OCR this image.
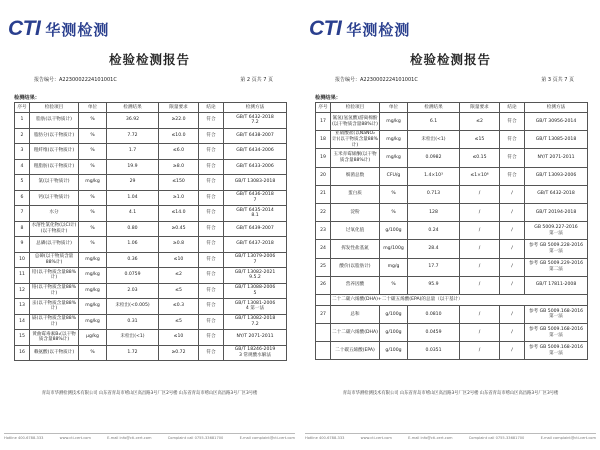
CTI 华测检测
检验检测报告
报告编号：A2230002224101001C	第 2 页共 7 页
检测结果：
序号	检验项目	单位	检测结果	限量要求	结论	检测方法
1	脂肪(以干物质计)	%	36.92	≥22.0	符合	GB/T 6432-2018
7.2
2	脂肪分(以干物质计)	%	7.72	≤10.0	符合	GB/T 6438-2007
3	粗纤维(以干物质计)	%	1.7	≤6.0	符合	GB/T 6434-2006
4	粗脂肪(以干物质计)	%	19.9	≥8.0	符合	GB/T 6433-2006
5	氯(以干物质计)	mg/kg	29	≤150	符合	GB/T 13083-2018
6	钙(以干物质计)	%	1.04	≥1.0	符合	GB/T 6436-2018
7
7	水分	%	4.1	≤14.0	符合	GB/T 6435-2014
8.1
8	水溶性氯化物(以Cl计)(以干物质计)	%	0.80	≥0.45	符合	GB/T 6439-2007
9	总磷(以干物质计)	%	1.06	≥0.8	符合	GB/T 6437-2018
10	总砷(以干物质含量88%计)	mg/kg	0.36	≤10	符合	GB/T 13079-2006
7
11	铅(以干物质含量88%计)	mg/kg	0.0759	≤2	符合	GB/T 13082-2021
9.5.2
12	铬(以干物质含量88%计)	mg/kg	2.03	≤5	符合	GB/T 13088-2006
5
13	汞(以干物质含量88%计)	mg/kg	未检出(<0.005)	≤0.3	符合	GB/T 13081-2006
4 第一法
14	镉(以干物质含量88%计)	mg/kg	0.31	≤5	符合	GB/T 13082-2018
7.2
15	黄曲霉毒素B₁(以干物质含量88%计)	μg/kg	未检出(<1)	≤10	符合	NY/T 2071-2011
16	赖氨酸(以干物质计)	%	1.72	≥0.72	符合	GB/T 18246-2019
3 常规酸水解法
青岛市华测检测技术有限公司 山东省青岛市崂山区高昌路3号厂区2号楼 山东省青岛市崂山区高昌路3号厂区3号楼
Hotline 400-6788-333	www.cti-cert.com	E-mail info@cti-cert.com	Complaint call 0755-33681700	E-mail complaint@cti-cert.com
CTI 华测检测
检验检测报告
报告编号：A2230002224101001C	第 3 页共 7 页
检测结果：
序号	检验项目	单位	检测结果	限量要求	结论	检测方法
17	氰氢(氢氢酸)游离棉酚(以干物质含量88%计)	mg/kg	6.1	≤2	符合	GB/T 30956-2014
18	亚硝酸盐(以NaNO₂计)(以干物质含量88%计)	mg/kg	未检出(<1)	≤15	符合	GB/T 13085-2018
19	玉米赤霉烯酮(以干物质含量88%计)	mg/kg	0.0982	≤0.15	符合	NY/T 2071-2011
20	细菌总数	CFU/g	1.4×10³	≤1×10⁶	符合	GB/T 13093-2006
21	蛋白质	%	0.713	/	/	GB/T 6432-2018
22	淀粉	%	128	/	/	GB/T 20194-2018
23	过氧化值	g/100g	0.24	/	/	GB 5009.227-2016
第一法
24	挥发性盐基氮	mg/100g	28.4	/	/	参考 GB 5009.228-2016
第一法
25	酸价(以脂肪计)	mg/g	17.7	/	/	参考 GB 5009.229-2016
第二法
26	营养因酸	%	95.9	/	/	GB/T 17811-2008
	二十二碳六烯酸(DHA)+二十碳五烯酸(EPA)的总量（以干基计）					
27	总和	g/100g	0.0810	/	/	参考 GB 5009.168-2016
第一法
	二十二碳六烯酸(DHA)	g/100g	0.0459	/	/	参考 GB 5009.168-2016
第一法
	二十碳五烯酸(EPA)	g/100g	0.0351	/	/	参考 GB 5009.168-2016
第一法
青岛市华测检测技术有限公司 山东省青岛市崂山区高昌路3号厂区2号楼 山东省青岛市崂山区高昌路3号厂区3号楼
Hotline 400-6788-333	www.cti-cert.com	E-mail info@cti-cert.com	Complaint call 0755-33681700	E-mail complaint@cti-cert.com
